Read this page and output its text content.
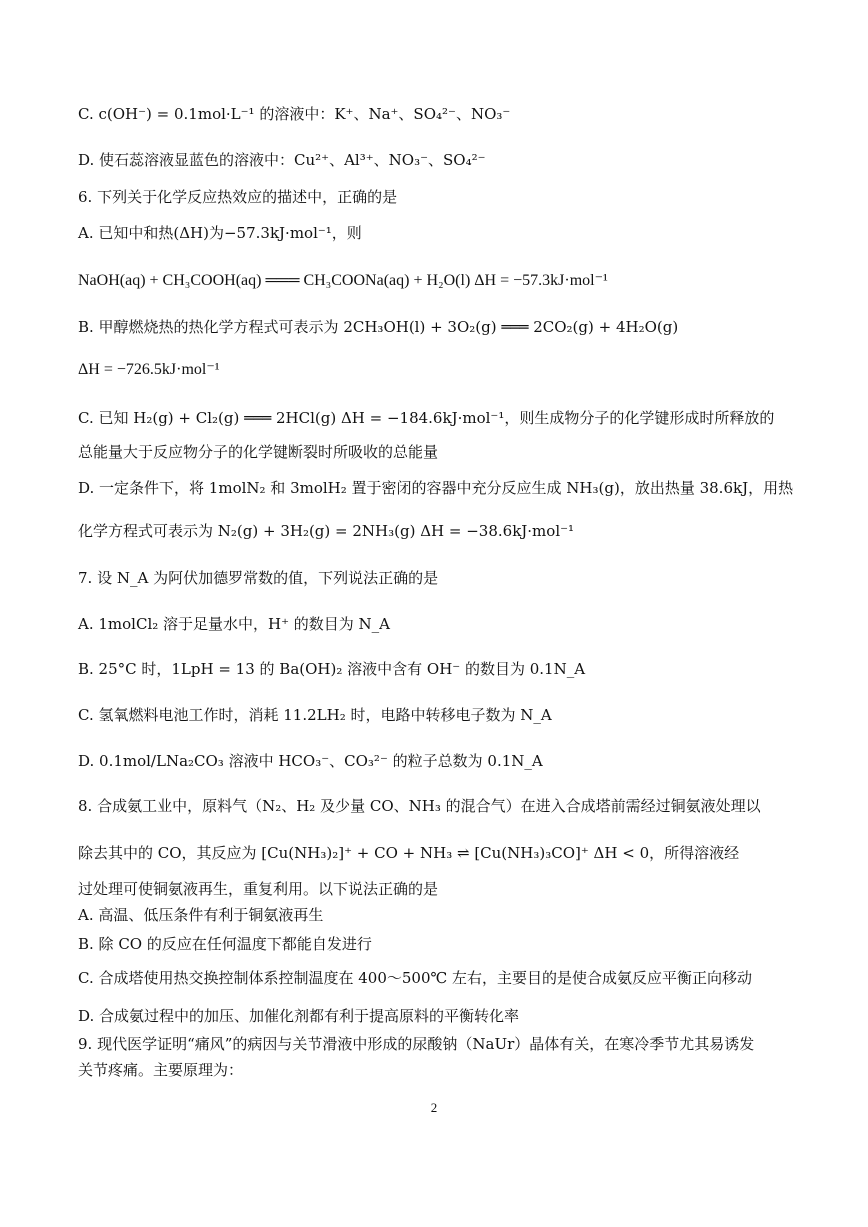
C. c(OH⁻) = 0.1mol·L⁻¹ 的溶液中：K⁺、Na⁺、SO₄²⁻、NO₃⁻
D. 使石蕊溶液显蓝色的溶液中：Cu²⁺、Al³⁺、NO₃⁻、SO₄²⁻
6. 下列关于化学反应热效应的描述中，正确的是
A. 已知中和热(ΔH)为−57.3kJ·mol⁻¹，则
NaOH(aq) + CH₃COOH(aq) ═══ CH₃COONa(aq) + H₂O(l) ΔH = −57.3kJ·mol⁻¹
B. 甲醇燃烧热的热化学方程式可表示为 2CH₃OH(l) + 3O₂(g) ═══ 2CO₂(g) + 4H₂O(g)
ΔH = −726.5kJ·mol⁻¹
C. 已知 H₂(g) + Cl₂(g) ═══ 2HCl(g) ΔH = −184.6kJ·mol⁻¹，则生成物分子的化学键形成时所释放的
总能量大于反应物分子的化学键断裂时所吸收的总能量
D. 一定条件下，将 1molN₂ 和 3molH₂ 置于密闭的容器中充分反应生成 NH₃(g)，放出热量 38.6kJ，用热
化学方程式可表示为 N₂(g) + 3H₂(g) = 2NH₃(g) ΔH = −38.6kJ·mol⁻¹
7. 设 N_A 为阿伏加德罗常数的值，下列说法正确的是
A. 1molCl₂ 溶于足量水中，H⁺ 的数目为 N_A
B. 25°C 时，1LpH = 13 的 Ba(OH)₂ 溶液中含有 OH⁻ 的数目为 0.1N_A
C. 氢氧燃料电池工作时，消耗 11.2LH₂ 时，电路中转移电子数为 N_A
D. 0.1mol/LNa₂CO₃ 溶液中 HCO₃⁻、CO₃²⁻ 的粒子总数为 0.1N_A
8. 合成氨工业中，原料气（N₂、H₂ 及少量 CO、NH₃ 的混合气）在进入合成塔前需经过铜氨液处理以
除去其中的 CO，其反应为 [Cu(NH₃)₂]⁺ + CO + NH₃ ⇌ [Cu(NH₃)₃CO]⁺ ΔH < 0，所得溶液经
过处理可使铜氨液再生，重复利用。以下说法正确的是
A. 高温、低压条件有利于铜氨液再生
B. 除 CO 的反应在任何温度下都能自发进行
C. 合成塔使用热交换控制体系控制温度在 400～500℃ 左右，主要目的是使合成氨反应平衡正向移动
D. 合成氨过程中的加压、加催化剂都有利于提高原料的平衡转化率
9. 现代医学证明“痛风”的病因与关节滑液中形成的尿酸钠（NaUr）晶体有关，在寒冷季节尤其易诱发
关节疼痛。主要原理为：
2
